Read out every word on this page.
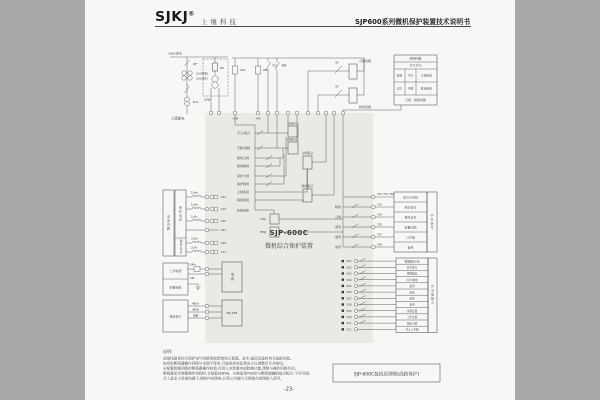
SJKJ®
上继科技	SJP600系列微机保护装置技术说明书
10kV母线
QF
2LH(测量)
3LH(保护)
1LH
上级配电
RD
1YH
1RD	2RD
手合 手跳
QF	合闸线圈
QF
跳闸线圈
控制回路
空气开关
就地 手合	合闸检查
远方 手跳	跳闸检查
合闸、跳闸回路
+KM	-KM
手合/遥合
合闸出口
手跳/遥跳
跳闸出口
就地合闸
就地跳闸
保护合闸
保护跳闸
合闸监视
跳闸监视
防跳闭锁
合闸指示
跳闸指示
TWJ
HWJ SJP-600C
微机综合保护装置
电流回路
保护电流
测量电流
1LHa
101
1LHb
103
1LHc
105
107
2LHa
109
2LHc
111
工作电源
装置接地
KM+
KM-	电源
通信接口
485A
485B
屏蔽
RS-485
702 704 706
跳闸
701
合闸
703
备用
705
备用
707
备用
709
信号小母线
预告信号
事故信号
装置闭锁
公共端
备用
中央信号
501
502
503
504
505
506
507
508
509
510
511
512
数据通信A/B
信号复归
弹簧储能
远方/就地
备用
备用
备用
备用
试验位置
工作位置
接地刀闸
开入公共端
开关量输入
说明:
此接线图是综合保护电气回路的典型接线示意图。其中,遥信及遥控均为选配功能。
如实际断路器操作回路与本图不符时,可按现场实际情况予以调整后合并接线。
未配置防跳回路的断路器操作机构,可投入本装置内部防跳功能,逻辑与操作回路共用。
断路器采用弹簧操作机构时,合闸监视HWJ、分闸监视TWJ应与断路器辅助接点配合,不可对调。
开入量定义见接线端子,微机内部供电,仅将公共端与无源接点按图接入即可。
SJP-600C接线原理图(线路保护)
-23-
